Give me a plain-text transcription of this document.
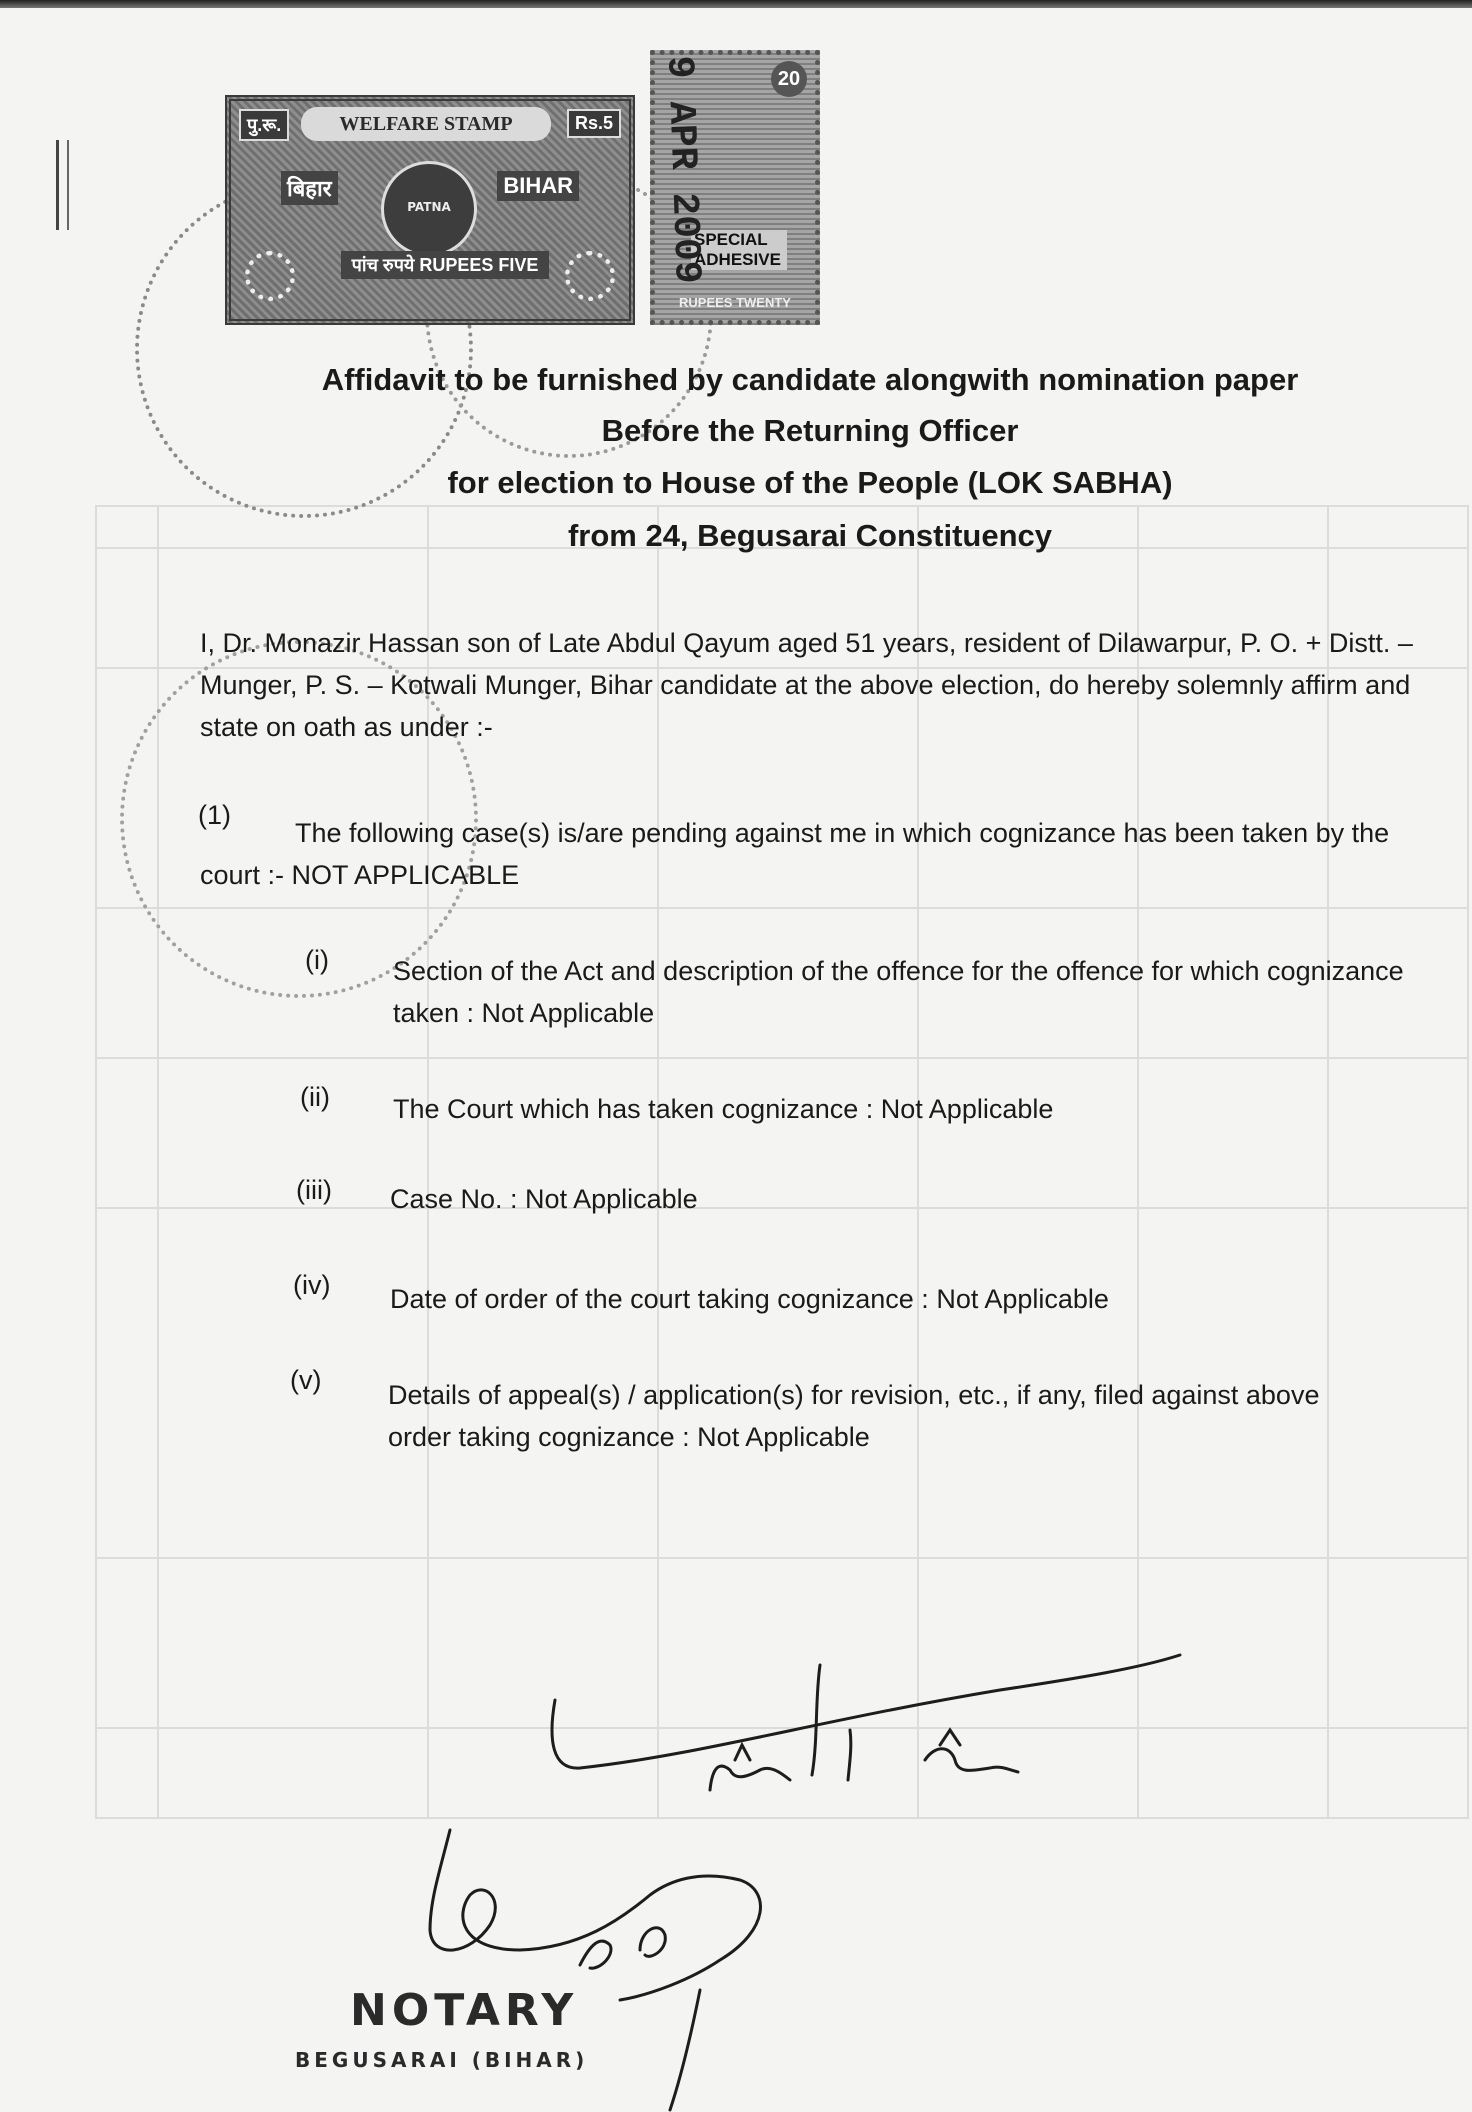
पु.रू.	WELFARE STAMP	Rs.5
बिहार
PATNA
BIHAR
पांच रुपये RUPEES FIVE
20
SPECIAL ADHESIVE
RUPEES TWENTY
9 APR 2009
Affidavit to be furnished by candidate alongwith nomination paper
Before the Returning Officer
for election to House of the People (LOK SABHA)
from 24, Begusarai Constituency
I, Dr. Monazir Hassan son of Late Abdul Qayum aged 51 years, resident of Dilawarpur, P. O. + Distt. – Munger, P. S. – Kotwali Munger, Bihar candidate at the above election, do hereby solemnly affirm and state on oath as under :-
(1)
The following case(s) is/are pending against me in which cognizance has been taken by the court :- NOT APPLICABLE
(i) Section of the Act and description of the offence for the offence for which cognizance taken : Not Applicable
(ii) The Court which has taken cognizance : Not Applicable
(iii) Case No. : Not Applicable
(iv) Date of order of the court taking cognizance : Not Applicable
(v) Details of appeal(s) / application(s) for revision, etc., if any, filed against above order taking cognizance : Not Applicable
NOTARY
BEGUSARAI (BIHAR)
